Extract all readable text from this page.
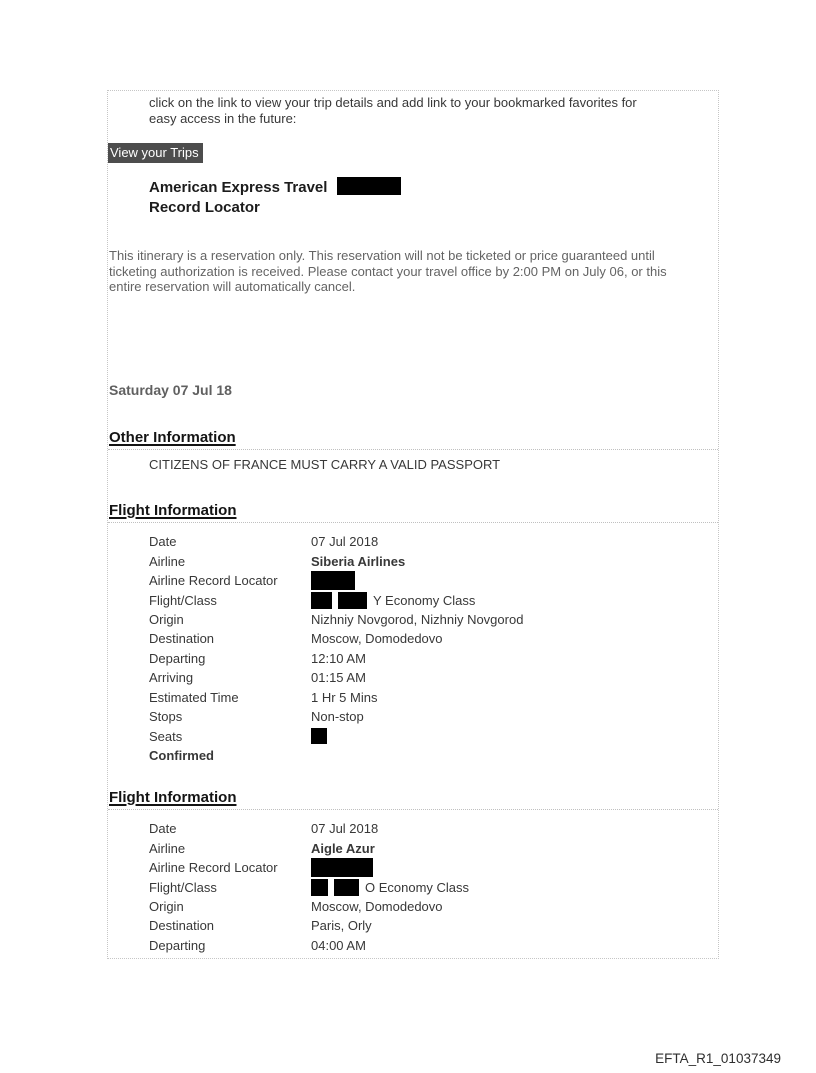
click on the link to view your trip details and add link to your bookmarked favorites for
easy access in the future:
View your Trips
American Express Travel
Record Locator
This itinerary is a reservation only. This reservation will not be ticketed or price guaranteed until
ticketing authorization is received. Please contact your travel office by 2:00 PM on July 06, or this
entire reservation will automatically cancel.
Saturday 07 Jul 18
Other Information
CITIZENS OF FRANCE MUST CARRY A VALID PASSPORT
Flight Information
Date	07 Jul 2018
Airline	Siberia Airlines
Airline Record Locator
Flight/Class	Y Economy Class
Origin	Nizhniy Novgorod, Nizhniy Novgorod
Destination	Moscow, Domodedovo
Departing	12:10 AM
Arriving	01:15 AM
Estimated Time	1 Hr 5 Mins
Stops	Non-stop
Seats
Confirmed
Flight Information
Date	07 Jul 2018
Airline	Aigle Azur
Airline Record Locator
Flight/Class	O Economy Class
Origin	Moscow, Domodedovo
Destination	Paris, Orly
Departing	04:00 AM
EFTA_R1_01037349
